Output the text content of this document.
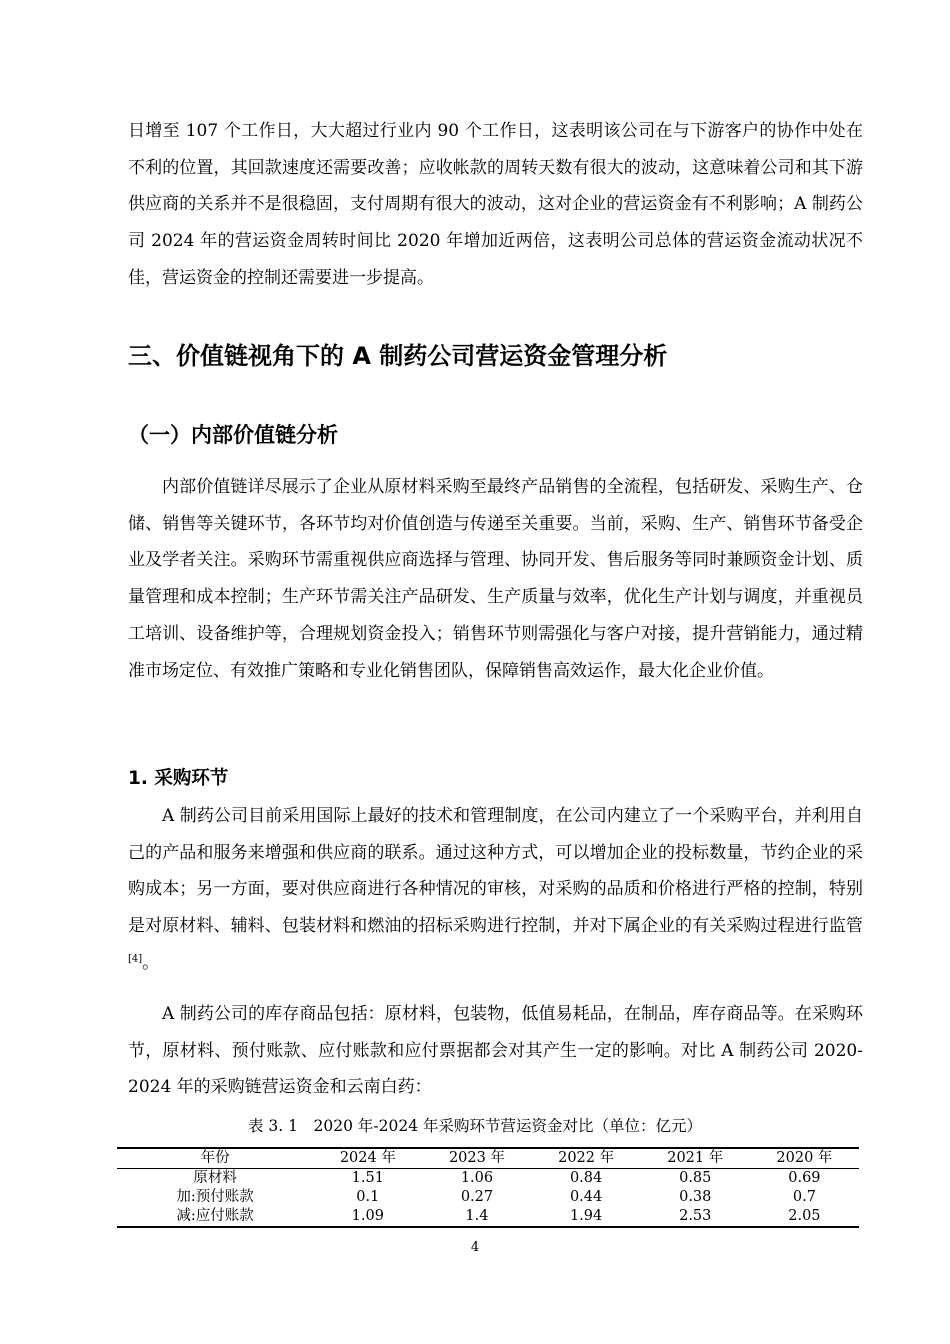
日增至 107 个工作日，大大超过行业内 90 个工作日，这表明该公司在与下游客户的协作中处在不利的位置，其回款速度还需要改善；应收帐款的周转天数有很大的波动，这意味着公司和其下游供应商的关系并不是很稳固，支付周期有很大的波动，这对企业的营运资金有不利影响；A 制药公司 2024 年的营运资金周转时间比 2020 年增加近两倍，这表明公司总体的营运资金流动状况不佳，营运资金的控制还需要进一步提高。

三、价值链视角下的 A 制药公司营运资金管理分析
（一）内部价值链分析

内部价值链详尽展示了企业从原材料采购至最终产品销售的全流程，包括研发、采购生产、仓储、销售等关键环节，各环节均对价值创造与传递至关重要。当前，采购、生产、销售环节备受企业及学者关注。采购环节需重视供应商选择与管理、协同开发、售后服务等同时兼顾资金计划、质量管理和成本控制；生产环节需关注产品研发、生产质量与效率，优化生产计划与调度，并重视员工培训、设备维护等，合理规划资金投入；销售环节则需强化与客户对接，提升营销能力，通过精准市场定位、有效推广策略和专业化销售团队，保障销售高效运作，最大化企业价值。

1. 采购环节

A 制药公司目前采用国际上最好的技术和管理制度，在公司内建立了一个采购平台，并利用自己的产品和服务来增强和供应商的联系。通过这种方式，可以增加企业的投标数量，节约企业的采购成本；另一方面，要对供应商进行各种情况的审核，对采购的品质和价格进行严格的控制，特别是对原材料、辅料、包装材料和燃油的招标采购进行控制，并对下属企业的有关采购过程进行监管[4]。

A 制药公司的库存商品包括：原材料，包装物，低值易耗品，在制品，库存商品等。在采购环节，原材料、预付账款、应付账款和应付票据都会对其产生一定的影响。对比 A 制药公司 2020-2024 年的采购链营运资金和云南白药：

表 3. 1　2020 年-2024 年采购环节营运资金对比（单位：亿元）

年份	2024 年	2023 年	2022 年	2021 年	2020 年
原材料	1.51	1.06	0.84	0.85	0.69
加:预付账款	0.1	0.27	0.44	0.38	0.7
减:应付账款	1.09	1.4	1.94	2.53	2.05

4
